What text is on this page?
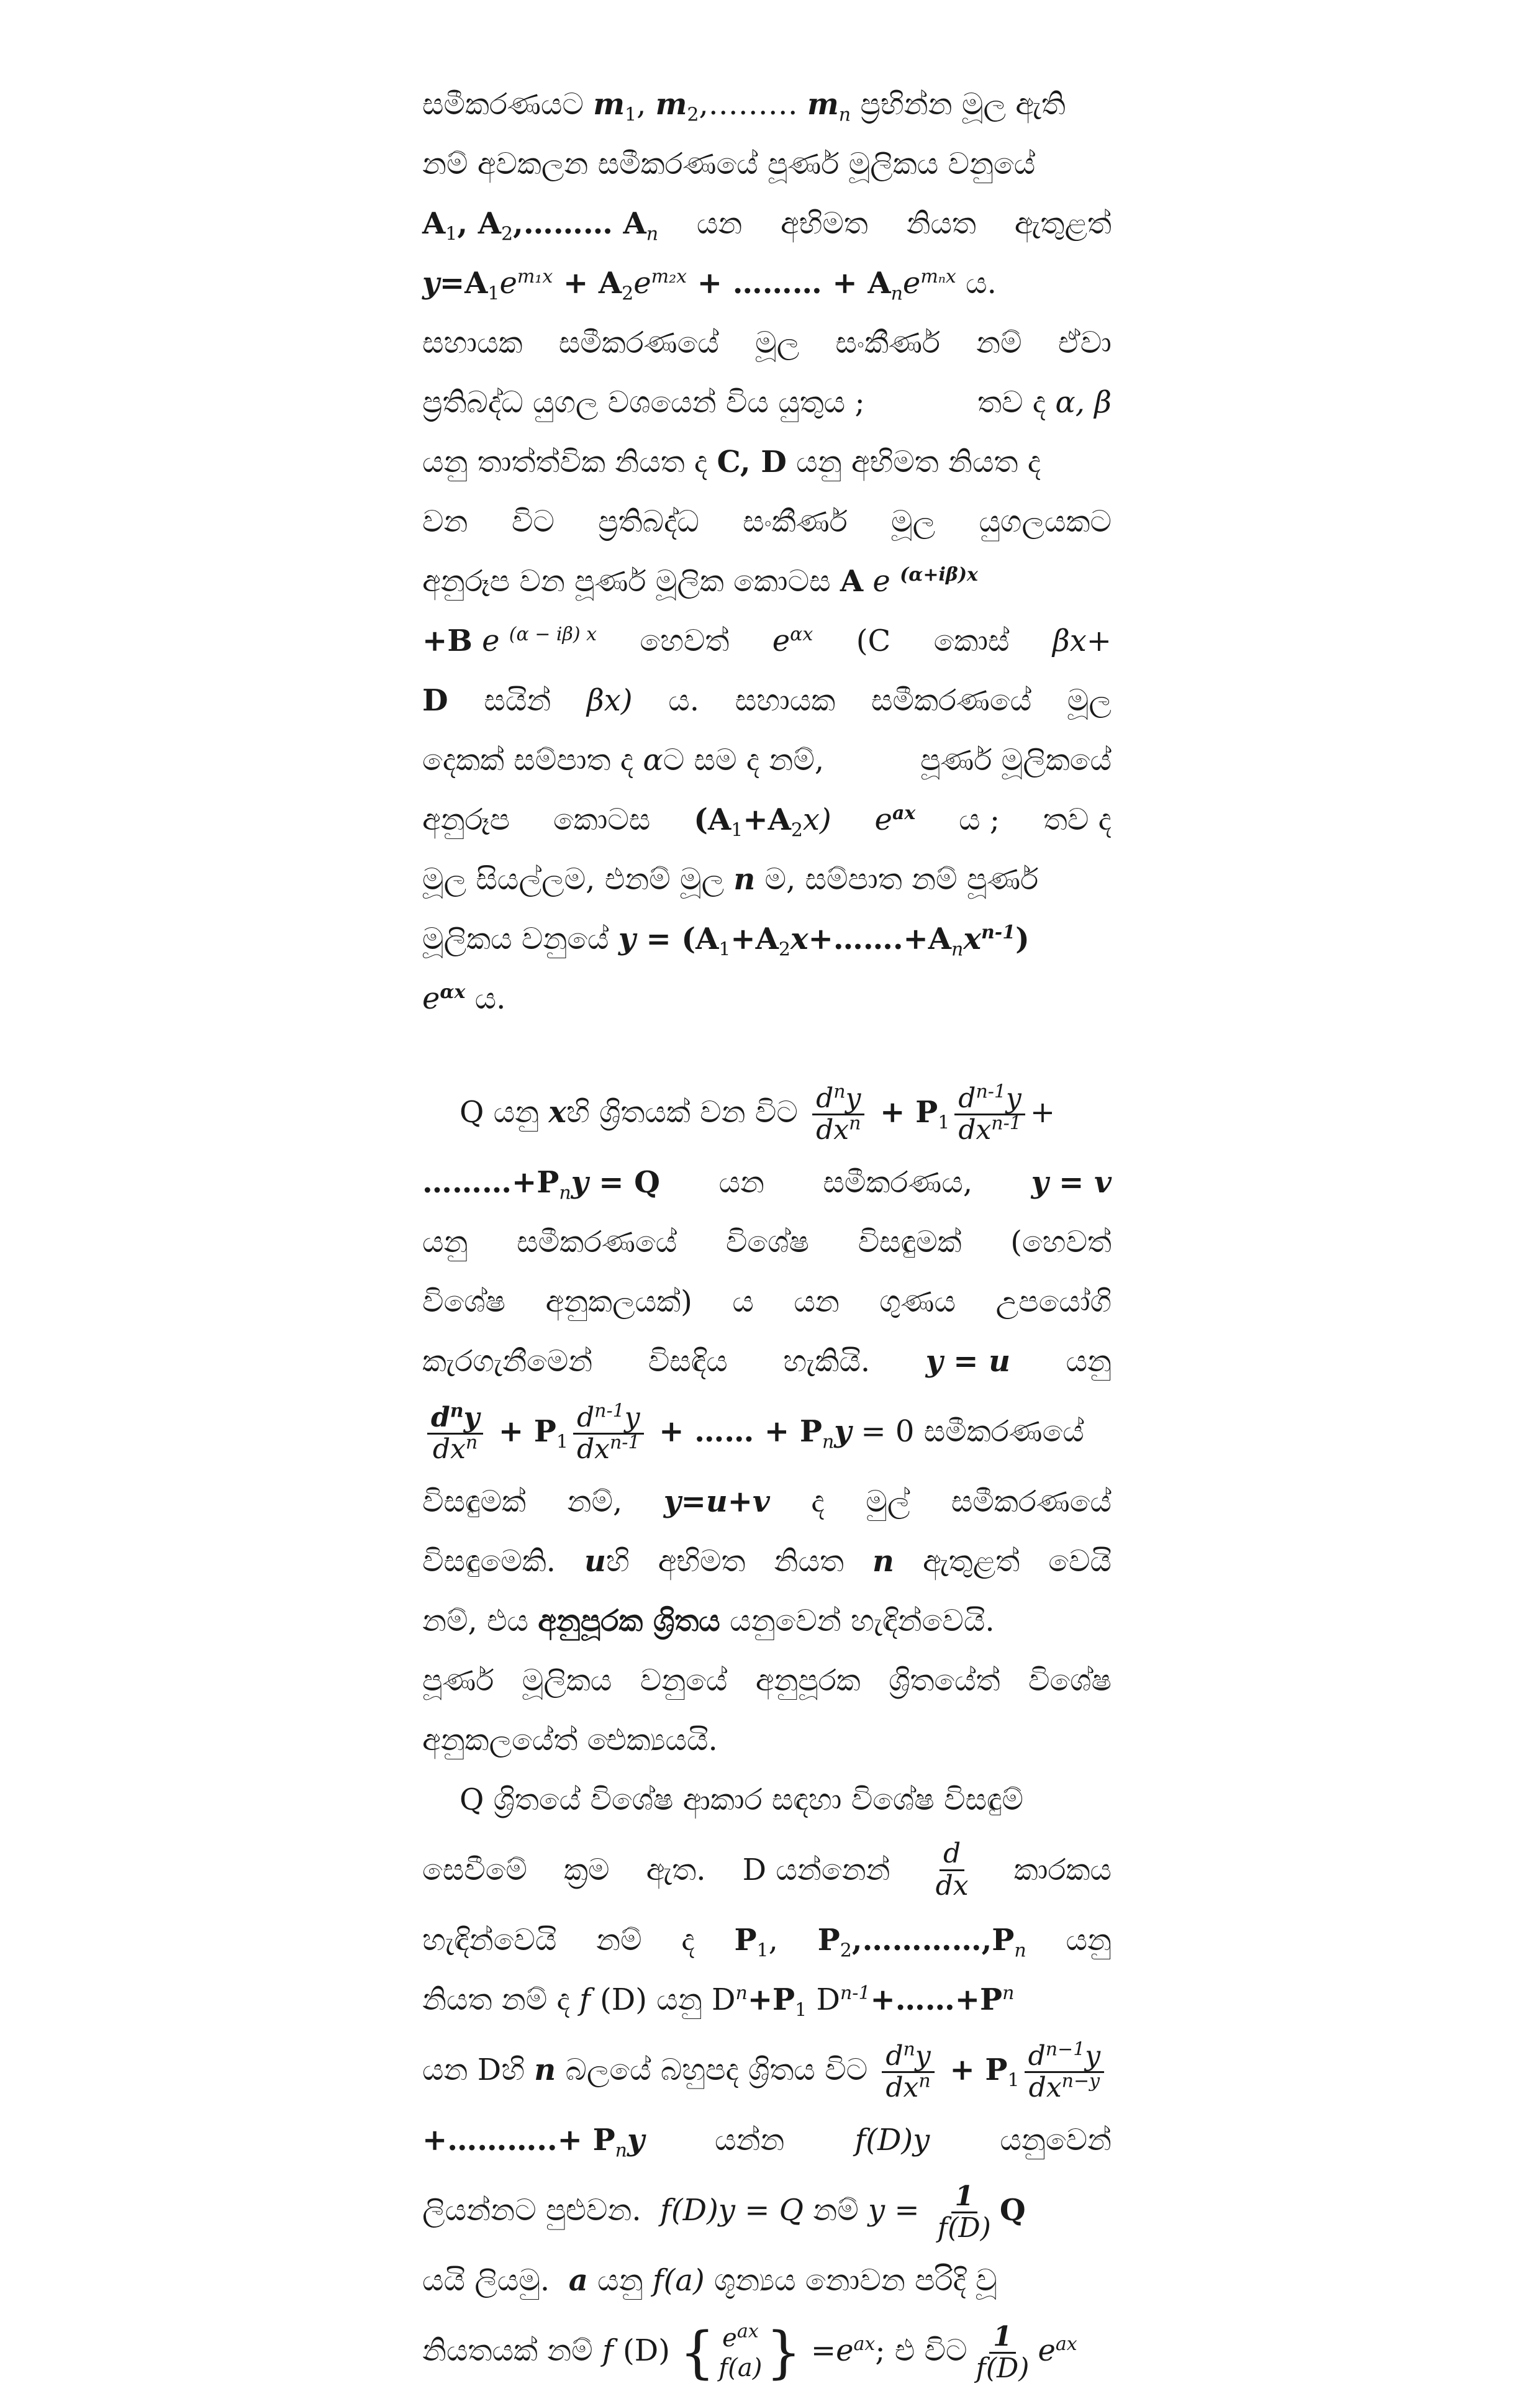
සමීකරණයට $m_1$, $m_2,\dots\dots\dots$ $m_n$ ප්‍රභින්න මූල ඇති
නම් අවකලන සමීකරණයේ පූර්ණ මූලිකය වනුයේ
$A_1$, $A_2,\dots\dots\dots$ $A_n$ යන අභිමත නියත ඇතුළත්
$y=A_1e^{m_1x} + A_2e^{m_2x}$ + ……… + $A_ne^{m_nx}$ ය.
සහායක සමීකරණයේ මූල සංකීර්ණ නම් ඒවා
ප්‍රතිබද්ධ යුගල වශයෙන් විය යුතුය ;	තව ද α, β
යනු තාත්ත්වික නියත ද C, D යනු අභිමත නියත ද
වන විට ප්‍රතිබද්ධ සංකීර්ණ මූල යුගලයකට
අනුරූප වන පූර්ණ මූලික කොටස A e $^{(\alpha+i\beta)x}$
+B e $^{(\alpha - i\beta) x}$ හෙවත් $e^{\alpha x}$ (C කොස් βx+
D සයින් βx) ය. සහායක සමීකරණයේ මූල
දෙකක් සම්පාත ද αට සම ද නම්,	පූර්ණ මූලිකයේ
අනුරූප කොටස $(A_1+A_2x)$ $e^{ax}$ ය ; තව ද
මූල සියල්ලම, එනම් මූල n ම, සම්පාත නම් පූර්ණ
මූලිකය වනුයේ $y = (A_1+A_2x+\dots\dots.+A_nx^{n-1})$
$e^{\alpha x}$ ය.
Q යනු xහි ශ්‍රිතයක් වන විට $\frac{d^ny}{dx^n} + P_1 \frac{d^{n-1}y}{dx^{n-1}}$ +
$\dots\dots\dots+P_ny = Q$ යන සමීකරණය, y = v
යනු සමීකරණයේ විශේෂ විසඳුමක් (හෙවත්
විශේෂ අනුකලයක්) ය යන ගුණය උපයෝගි
කැරගැනීමෙන් විසඳිය හැකියි. y = u යනු
$\frac{d^ny}{dx^n} + P_1 \frac{d^{n-1}y}{dx^{n-1}}$ + …… + $P_ny = 0$ සමීකරණයේ
විසඳුමක් නම්, y=u+v ද මුල් සමීකරණයේ
විසඳුමෙකි. uහි අභිමත නියත n ඇතුළත් වෙයි
නම්, එය අනුපූරක ශ්‍රිතය යනුවෙන් හැඳින්වෙයි.
පූර්ණ මූලිකය වනුයේ අනුපූරක ශ්‍රිතයේත් විශේෂ
අනුකලයේත් ඓක්‍යයයි.
Q ශ්‍රිතයේ විශේෂ ආකාර සඳහා විශේෂ විසඳුම්
සෙවීමේ ක්‍රම ඇත. D යන්නෙන් $\frac{d}{dx}$ කාරකය
හැඳින්වෙයි නම් ද $P_1$, $P_2,\dots\dots\dots\dots,P_n$ යනු
නියත නම් ද f (D) යනු $D^n+P_1$ $D^{n-1}+\dots\dots+P^n$
යන Dහි n බලයේ බහුපද ශ්‍රිතය විට $\frac{d^ny}{dx^n} + P_1 \frac{d^{n-1}y}{dx^{n-y}}$
+………..+ $P_ny$ යන්න f(D)y යනුවෙන්
ලියන්නට පුළුවන. f(D)y = Q නම් $y = \frac{1}{f(D)}$ Q
යයි ලියමු. a යනු f(a) ශූන්‍යය නොවන පරිදි වූ
නියතයක් නම් f (D) { $e^{ax}$
f(a) } $=e^{ax}$; එ විට $\frac{1}{f(D)} e^{ax}$
